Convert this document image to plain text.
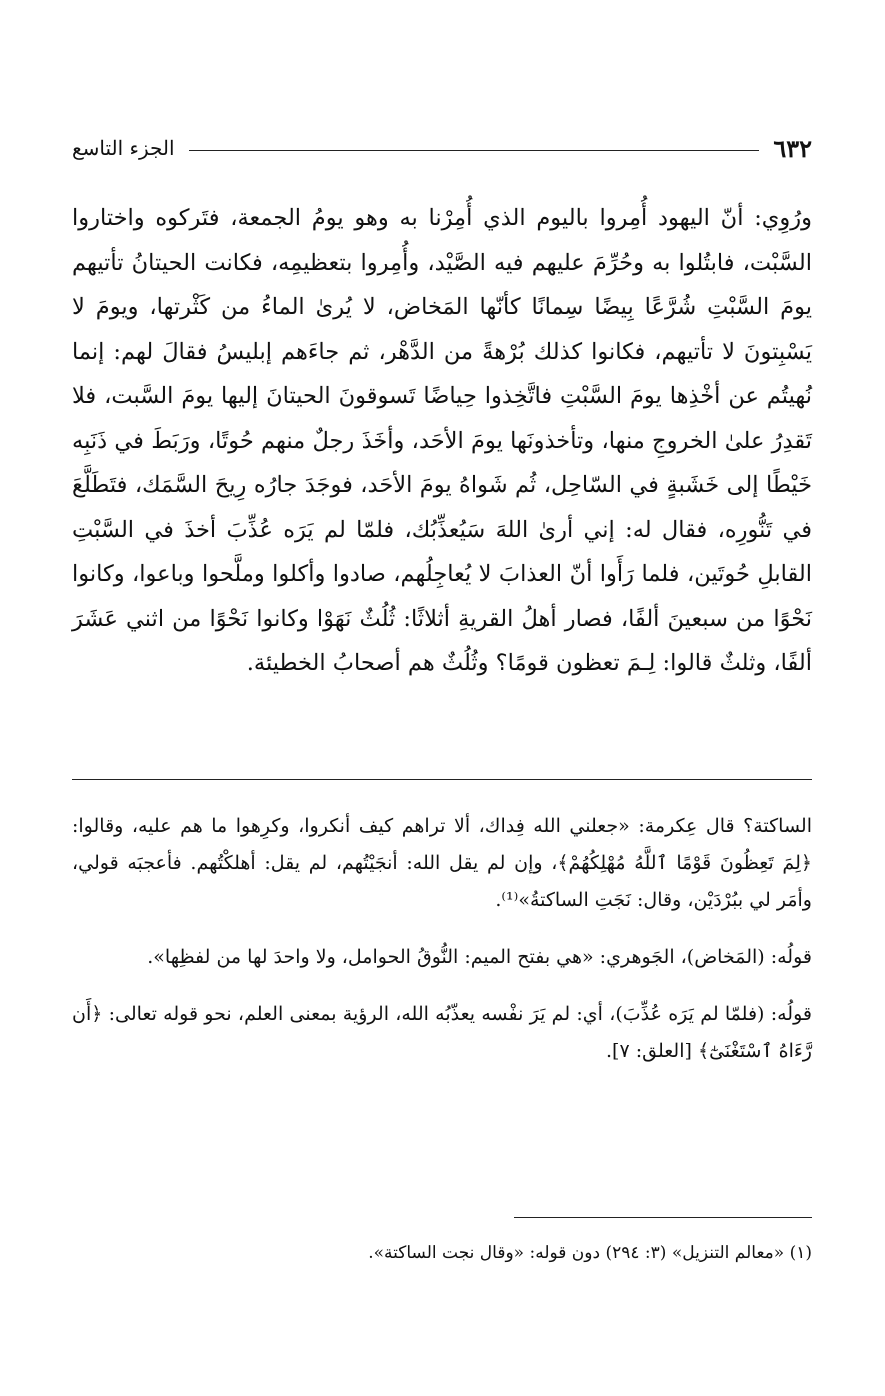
٦٣٢
الجزء التاسع

ورُوِي: أنّ اليهود أُمِروا باليوم الذي أُمِرْنا به وهو يومُ الجمعة، فتَركوه واختاروا السَّبْت، فابتُلوا به وحُرِّمَ عليهم فيه الصَّيْد، وأُمِروا بتعظيمِه، فكانت الحيتانُ تأتيهم يومَ السَّبْتِ شُرَّعًا بِيضًا سِمانًا كأنّها المَخاض، لا يُرىٰ الماءُ من كَثْرتها، ويومَ لا يَسْبِتونَ لا تأتيهم، فكانوا كذلك بُرْهةً من الدَّهْر، ثم جاءَهم إبليسُ فقالَ لهم: إنما نُهيتُم عن أخْذِها يومَ السَّبْتِ فاتَّخِذوا حِياضًا تَسوقونَ الحيتانَ إليها يومَ السَّبت، فلا تَقدِرُ علىٰ الخروجِ منها، وتأخذونَها يومَ الأحَد، وأخَذَ رجلٌ منهم حُوتًا، ورَبَطَ في ذَنَبِه خَيْطًا إلى خَشَبةٍ في السّاحِل، ثُم شَواهُ يومَ الأحَد، فوجَدَ جارُه رِيحَ السَّمَك، فتَطَلَّعَ في تَنُّورِه، فقال له: إني أرىٰ اللهَ سَيُعذِّبُك، فلمّا لم يَرَه عُذِّبَ أخذَ في السَّبْتِ القابلِ حُوتَين، فلما رَأَوا أنّ العذابَ لا يُعاجِلُهم، صادوا وأكلوا وملَّحوا وباعوا، وكانوا نَحْوًا من سبعينَ ألفًا، فصار أهلُ القريةِ أثلاثًا: ثُلُثٌ نَهَوْا وكانوا نَحْوًا من اثني عَشَرَ ألفًا، وثلثٌ قالوا: لِـمَ تعظون قومًا؟ وثُلُثٌ هم أصحابُ الخطيئة.

الساكتة؟ قال عِكرمة: «جعلني الله فِداك، ألا تراهم كيف أنكروا، وكرِهوا ما هم عليه، وقالوا: ﴿لِمَ تَعِظُونَ قَوْمًا ٱللَّهُ مُهْلِكُهُمْ﴾، وإن لم يقل الله: أنجَيْتُهم، لم يقل: أهلكْتُهم. فأعجبَه قولي، وأمَر لي ببُرْدَيْن، وقال: نَجَتِ الساكتةُ»⁽¹⁾.

قولُه: (المَخاض)، الجَوهري: «هي بفتح الميم: النُّوقُ الحوامل، ولا واحدَ لها من لفظِها».

قولُه: (فلمّا لم يَرَه عُذِّبَ)، أي: لم يَرَ نفْسه يعذّبُه الله، الرؤية بمعنى العلم، نحو قوله تعالى: ﴿أَن رَّءَاهُ ٱسْتَغْنَىٰٓ﴾ [العلق: ٧].

(١) «معالم التنزيل» (٣: ٢٩٤) دون قوله: «وقال نجت الساكتة».
